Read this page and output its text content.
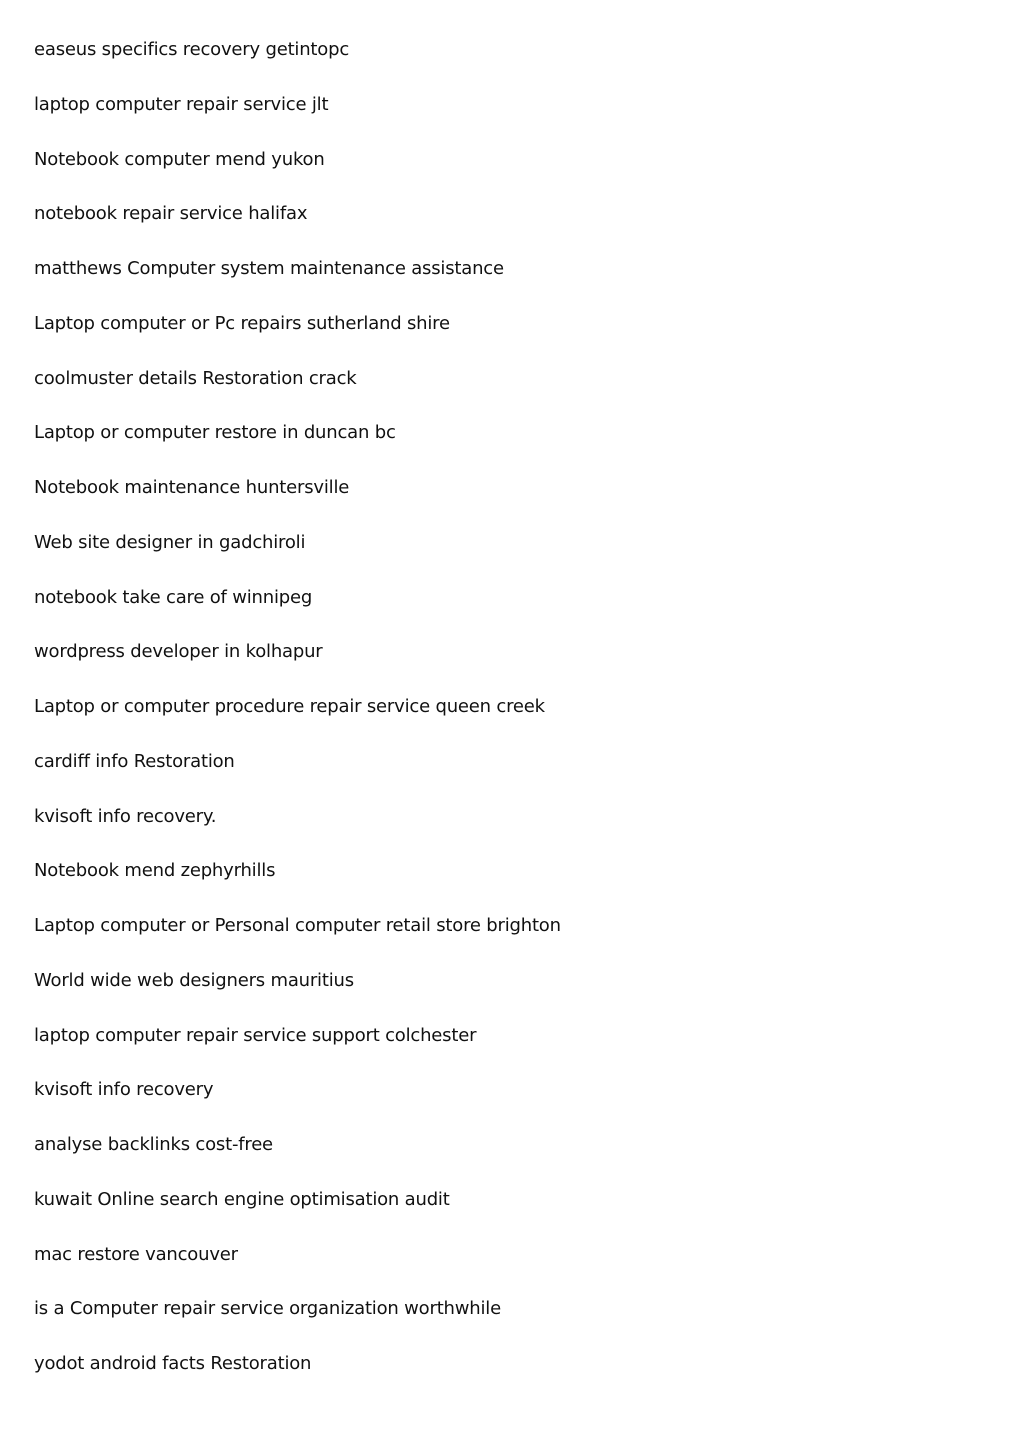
easeus specifics recovery getintopc
laptop computer repair service jlt
Notebook computer mend yukon
notebook repair service halifax
matthews Computer system maintenance assistance
Laptop computer or Pc repairs sutherland shire
coolmuster details Restoration crack
Laptop or computer restore in duncan bc
Notebook maintenance huntersville
Web site designer in gadchiroli
notebook take care of winnipeg
wordpress developer in kolhapur
Laptop or computer procedure repair service queen creek
cardiff info Restoration
kvisoft info recovery.
Notebook mend zephyrhills
Laptop computer or Personal computer retail store brighton
World wide web designers mauritius
laptop computer repair service support colchester
kvisoft info recovery
analyse backlinks cost-free
kuwait Online search engine optimisation audit
mac restore vancouver
is a Computer repair service organization worthwhile
yodot android facts Restoration
